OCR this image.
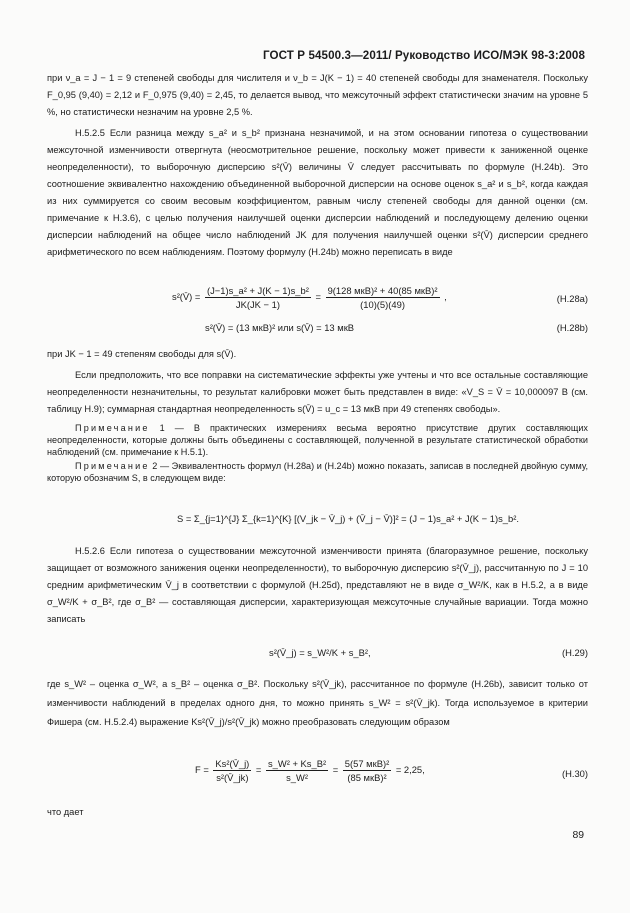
ГОСТ Р 54500.3—2011/ Руководство ИСО/МЭК 98-3:2008

при ν_a = J − 1 = 9 степеней свободы для числителя и ν_b = J(K − 1) = 40 степеней свободы для знаменателя. Поскольку F_0,95 (9,40) = 2,12 и F_0,975 (9,40) = 2,45, то делается вывод, что межсуточный эффект статистически значим на уровне 5 %, но статистически незначим на уровне 2,5 %.

Н.5.2.5 Если разница между s_a² и s_b² признана незначимой, и на этом основании гипотеза о существовании межсуточной изменчивости отвергнута (неосмотрительное решение, поскольку может привести к заниженной оценке неопределенности), то выборочную дисперсию s²(V̄) величины V̄ следует рассчитывать по формуле (Н.24b). Это соотношение эквивалентно нахождению объединенной выборочной дисперсии на основе оценок s_a² и s_b², когда каждая из них суммируется со своим весовым коэффициентом, равным числу степеней свободы для данной оценки (см. примечание к Н.3.6), с целью получения наилучшей оценки дисперсии наблюдений и последующему делению оценки дисперсии наблюдений на общее число наблюдений JK для получения наилучшей оценки s²(V̄) дисперсии среднего арифметического по всем наблюдениям. Поэтому формулу (Н.24b) можно переписать в виде

s²(V̄) = $\frac{\text{(J−1)s\_a² + J(K − 1)s\_b²}}{JK(JK - 1)} = \frac{\text{9(128 мкВ)² + 40(85 мкВ)²}}{(10)(5)(49)}$ ,	(Н.28a)
s²(V̄) = (13 мкВ)² или s(V̄) = 13 мкВ	(Н.28b)

при JK − 1 = 49 степеням свободы для s(V̄).

Если предположить, что все поправки на систематические эффекты уже учтены и что все остальные составляющие неопределенности незначительны, то результат калибровки может быть представлен в виде: «V_S = V̄ = 10,000097 В (см. таблицу Н.9); суммарная стандартная неопределенность s(V̄) = u_c = 13 мкВ при 49 степенях свободы».

Примечание 1 — В практических измерениях весьма вероятно присутствие других составляющих неопределенности, которые должны быть объединены с составляющей, полученной в результате статистической обработки наблюдений (см. примечание к Н.5.1).

Примечание 2 — Эквивалентность формул (Н.28a) и (Н.24b) можно показать, записав в последней двойную сумму, которую обозначим S, в следующем виде:

S = Σ_{j=1}^{J} Σ_{k=1}^{K} [(V_jk − V̄_j) + (V̄_j − V̄)]² = (J − 1)s_a² + J(K − 1)s_b².

Н.5.2.6 Если гипотеза о существовании межсуточной изменчивости принята (благоразумное решение, поскольку защищает от возможного занижения оценки неопределенности), то выборочную дисперсию s²(V̄_j), рассчитанную по J = 10 средним арифметическим V̄_j в соответствии с формулой (Н.25d), представляют не в виде σ_W²/K, как в Н.5.2, а в виде σ_W²/K + σ_B², где σ_B² — составляющая дисперсии, характеризующая межсуточные случайные вариации. Тогда можно записать

s²(V̄_j) = s_W²/K + s_B²,	(Н.29)

где s_W² – оценка σ_W², а s_B² – оценка σ_B². Поскольку s²(V̄_jk), рассчитанное по формуле (Н.26b), зависит только от изменчивости наблюдений в пределах одного дня, то можно принять s_W² = s²(V̄_jk). Тогда используемое в критерии Фишера (см. Н.5.2.4) выражение Ks²(V̄_j)/s²(V̄_jk) можно преобразовать следующим образом

$F = \frac{\text{Ks²(V̄\_j)}}{\text{s²(V̄\_jk)}} = \frac{\text{s\_W² + Ks\_B²}}{\text{s\_W²}} = \frac{\text{5(57 мкВ)²}}{\text{(85 мкВ)²}} = 2,25$,	(Н.30)
что дает
89
